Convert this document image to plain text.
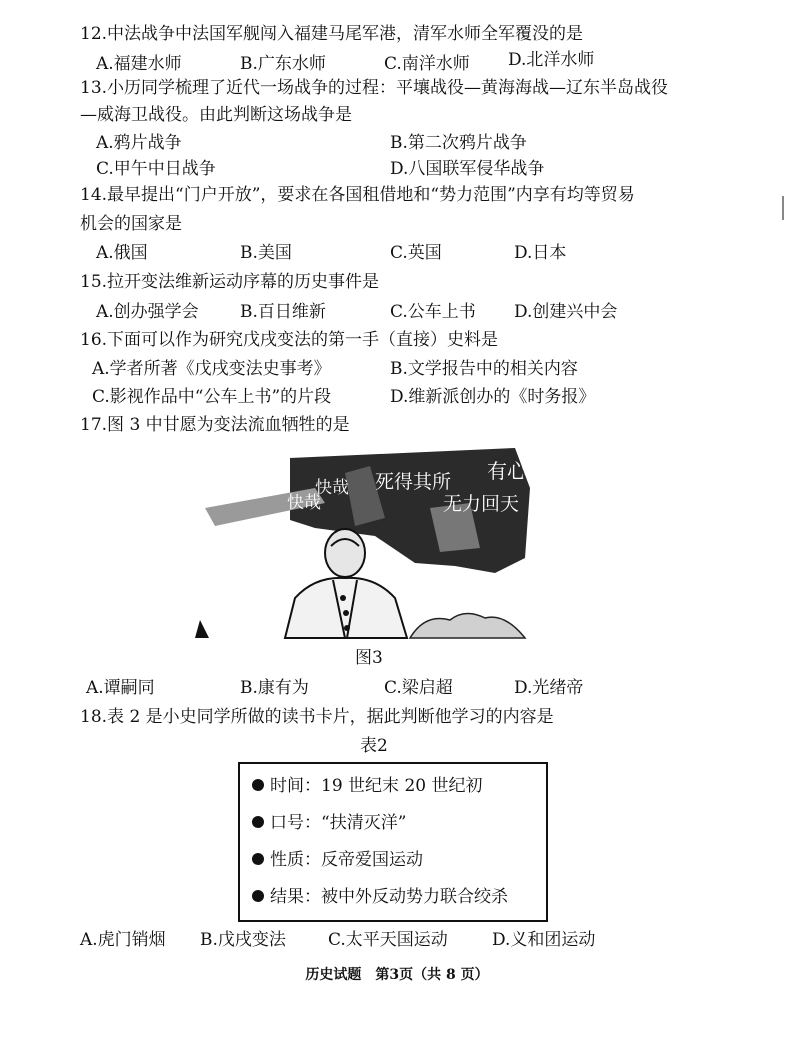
12.中法战争中法国军舰闯入福建马尾军港，清军水师全军覆没的是
A.福建水师	B.广东水师	C.南洋水师 D.北洋水师
13.小历同学梳理了近代一场战争的过程：平壤战役—黄海海战—辽东半岛战役
—威海卫战役。由此判断这场战争是
A.鸦片战争	B.第二次鸦片战争
C.甲午中日战争	D.八国联军侵华战争
14.最早提出“门户开放”，要求在各国租借地和“势力范围”内享有均等贸易
机会的国家是
A.俄国	B.美国	C.英国	D.日本
15.拉开变法维新运动序幕的历史事件是
A.创办强学会 B.百日维新	C.公车上书 D.创建兴中会
16.下面可以作为研究戊戌变法的第一手（直接）史料是
A.学者所著《戊戌变法史事考》	B.文学报告中的相关内容
C.影视作品中“公车上书”的片段	D.维新派创办的《时务报》
17.图 3 中甘愿为变法流血牺牲的是
有心杀贼
无力回天
死得其所
快哉
快哉
图3
A.谭嗣同	B.康有为	C.梁启超	D.光绪帝
18.表 2 是小史同学所做的读书卡片，据此判断他学习的内容是
表2
时间：19 世纪末 20 世纪初
口号：“扶清灭洋”
性质：反帝爱国运动
结果：被中外反动势力联合绞杀
A.虎门销烟 B.戊戌变法 C.太平天国运动	D.义和团运动
历史试题　第3页（共 8 页）
